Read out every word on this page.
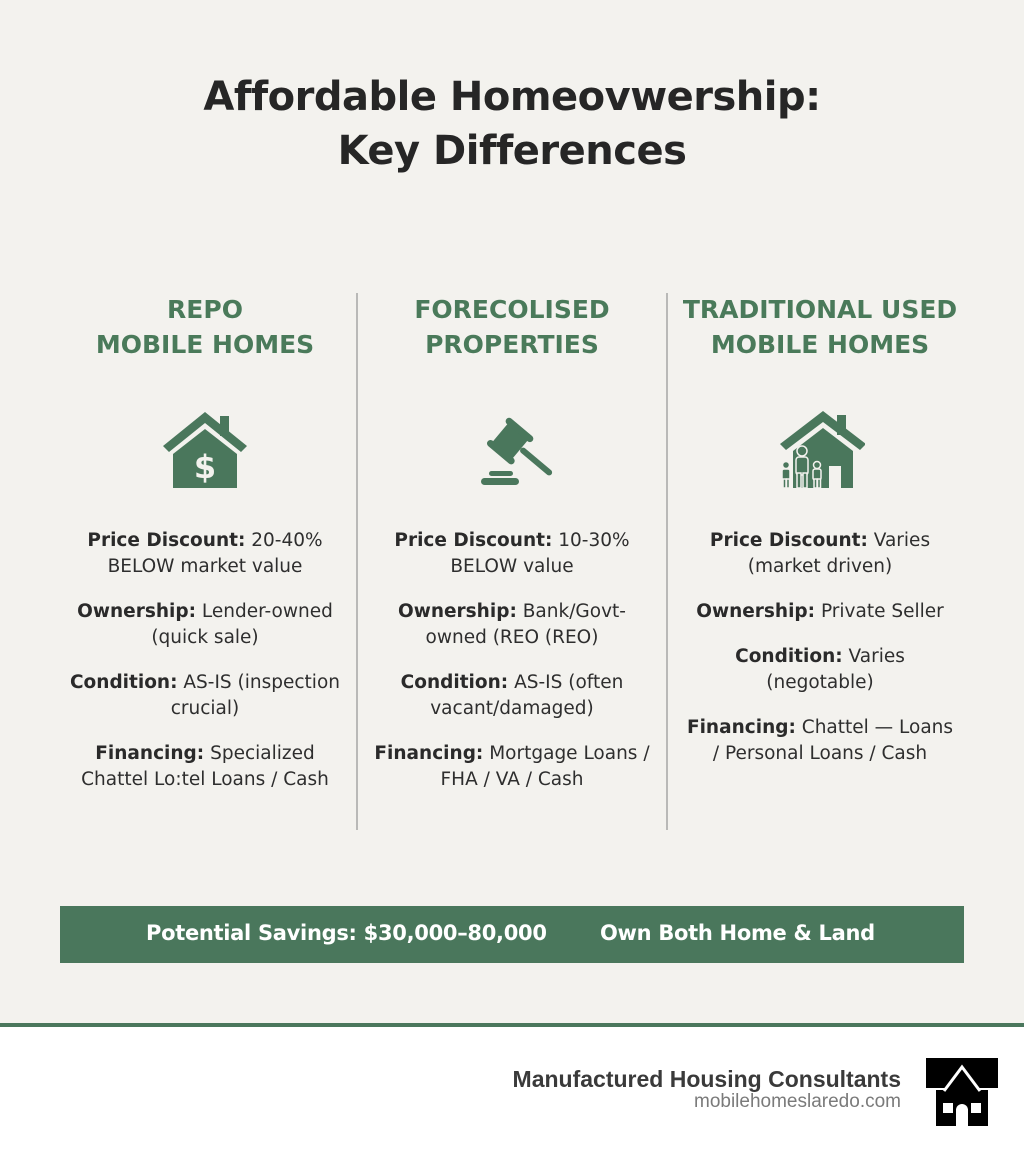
Affordable Homeovwership:
Key Differences
REPO
MOBILE HOMES
$

Price Discount: 20-40% BELOW market value

Ownership: Lender-owned (quick sale)

Condition: AS-IS (inspection crucial)

Financing: Specialized Chattel Lo:tel Loans / Cash

FORECOLISED
PROPERTIES

Price Discount: 10-30% BELOW value

Ownership: Bank/Govt-owned (REO (REO)

Condition: AS-IS (often vacant/damaged)

Financing: Mortgage Loans / FHA / VA / Cash

TRADITIONAL USED
MOBILE HOMES

Price Discount: Varies (market driven)

Ownership: Private Seller

Condition: Varies (negotable)

Financing: Chattel — Loans / Personal Loans / Cash

Potential Savings: $30,000–80,000	Own Both Home & Land
Manufactured Housing Consultants
mobilehomeslaredo.com
